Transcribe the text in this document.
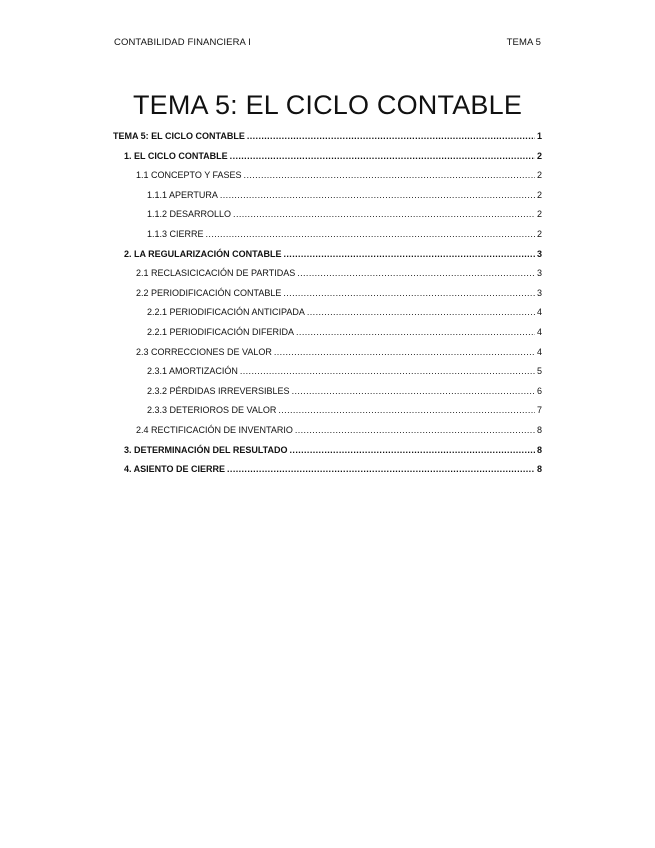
CONTABILIDAD FINANCIERA I	TEMA 5
TEMA 5: EL CICLO CONTABLE
TEMA 5: EL CICLO CONTABLE .....	1
1. EL CICLO CONTABLE .....	2
1.1 CONCEPTO Y FASES .....	2
1.1.1 APERTURA .....	2
1.1.2 DESARROLLO .....	2
1.1.3 CIERRE .....	2
2. LA REGULARIZACIÓN CONTABLE .....	3
2.1 RECLASICICACIÓN DE PARTIDAS .....	3
2.2 PERIODIFICACIÓN CONTABLE .....	3
2.2.1 PERIODIFICACIÓN ANTICIPADA .....	4
2.2.1 PERIODIFICACIÓN DIFERIDA .....	4
2.3 CORRECCIONES DE VALOR .....	4
2.3.1 AMORTIZACIÓN .....	5
2.3.2 PÉRDIDAS IRREVERSIBLES .....	6
2.3.3 DETERIOROS DE VALOR .....	7
2.4 RECTIFICACIÓN DE INVENTARIO .....	8
3. DETERMINACIÓN DEL RESULTADO .....	8
4. ASIENTO DE CIERRE .....	8
